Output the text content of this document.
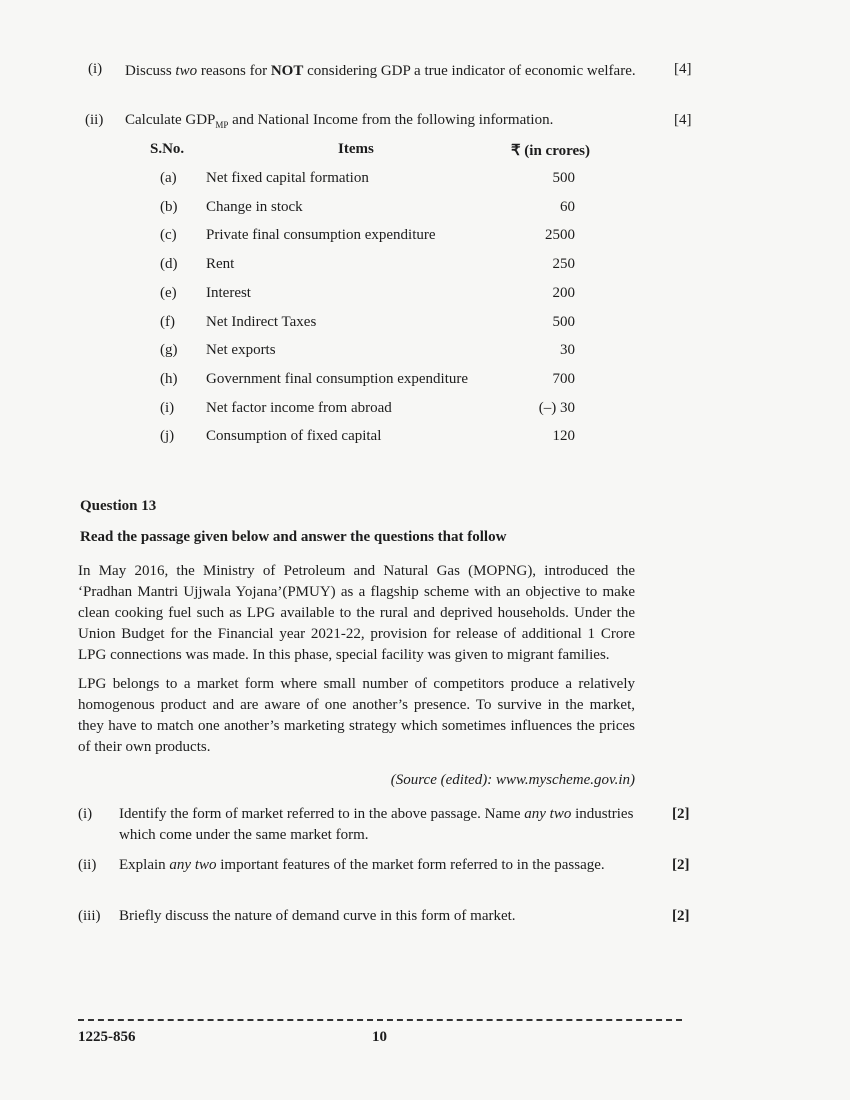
(i) Discuss two reasons for NOT considering GDP a true indicator of economic welfare.	[4]
(ii) Calculate $GDP_{MP}$ and National Income from the following information.	[4]
S.No.	Items	₹ (in crores)
(a) Net fixed capital formation	500
(b) Change in stock	60
(c) Private final consumption expenditure	2500
(d) Rent	250
(e) Interest	200
(f) Net Indirect Taxes	500
(g) Net exports	30
(h) Government final consumption expenditure	700
(i) Net factor income from abroad	(–) 30
(j) Consumption of fixed capital	120
Question 13
Read the passage given below and answer the questions that follow

In May 2016, the Ministry of Petroleum and Natural Gas (MOPNG), introduced the ‘Pradhan Mantri Ujjwala Yojana’(PMUY) as a flagship scheme with an objective to make clean cooking fuel such as LPG available to the rural and deprived households. Under the Union Budget for the Financial year 2021-22, provision for release of additional 1 Crore LPG connections was made. In this phase, special facility was given to migrant families.

LPG belongs to a market form where small number of competitors produce a relatively homogenous product and are aware of one another’s presence. To survive in the market, they have to match one another’s marketing strategy which sometimes influences the prices of their own products.

(Source (edited): www.myscheme.gov.in)
(i) Identify the form of market referred to in the above passage. Name any two industries which come under the same market form.
[2]
(ii) Explain any two important features of the market form referred to in the passage.	[2]
(iii) Briefly discuss the nature of demand curve in this form of market.	[2]
1225-856	10
